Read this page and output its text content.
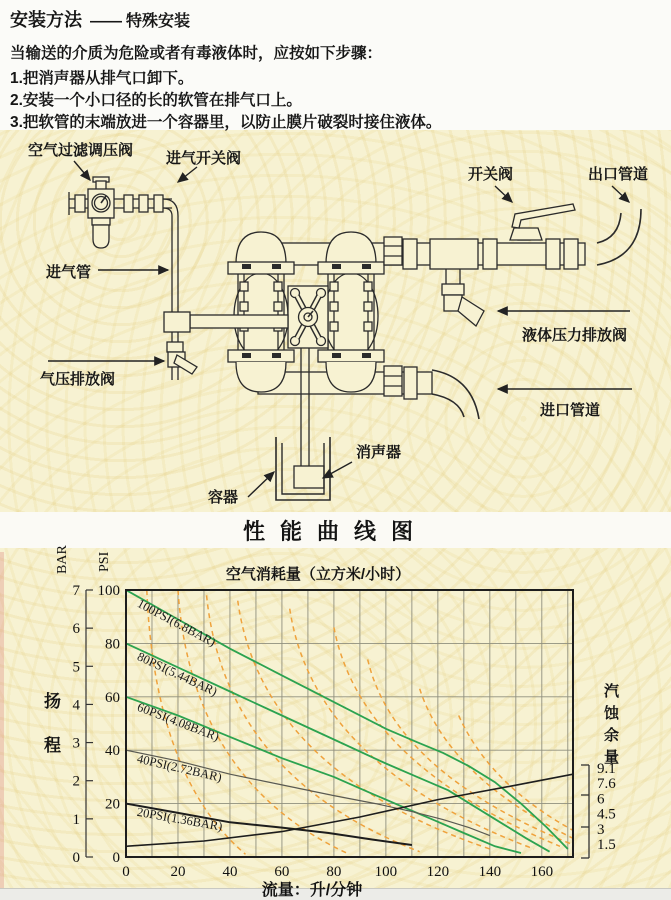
安装方法 —— 特殊安装
当输送的介质为危险或者有毒液体时，应按如下步骤：
1.把消声器从排气口卸下。
2.安装一个小口径的长的软管在排气口上。
3.把软管的末端放进一个容器里，以防止膜片破裂时接住液体。
空气过滤调压阀 进气开关阀
进气管
气压排放阀
开关阀	出口管道
液体压力排放阀
进口管道
消声器
容器
性能曲线图
100PSI(6.8BAR)
80PSI(5.44BAR)
60PSI(4.08BAR)
40PSI(2.72BAR)
20PSI(1.36BAR)
0	20 40 60 80 100 120 140 160
流量：升/分钟
0
20
40
60
80
100
PSI
0
1
2
3
4
5
6
7
BAR
扬
程
空气消耗量（立方米/小时）
9.1
7.6
6
4.5
3
1.5
汽
蚀
余
量
